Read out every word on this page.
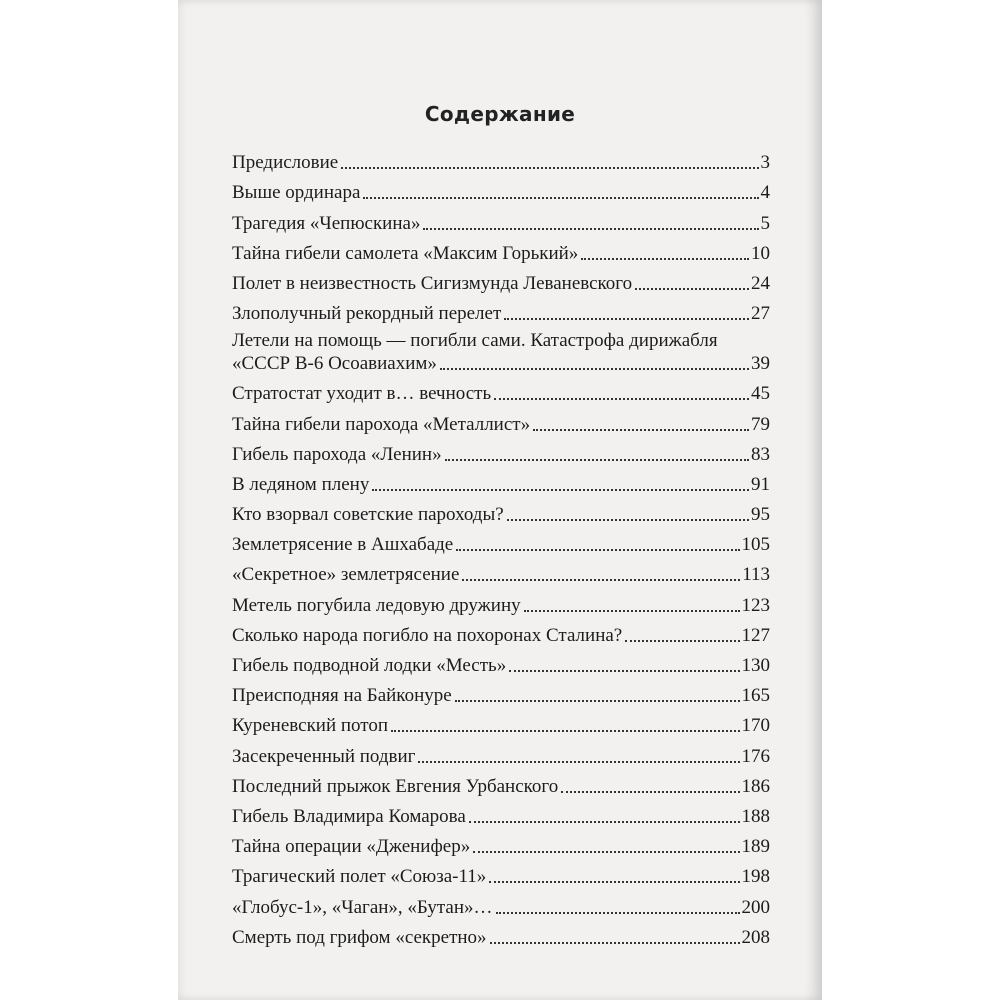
Содержание
Предисловие	3
Выше ординара	4
Трагедия «Чепюскина»	5
Тайна гибели самолета «Максим Горький»	10
Полет в неизвестность Сигизмунда Леваневского	24
Злополучный рекордный перелет	27
Летели на помощь — погибли сами. Катастрофа дирижабля
«СССР В-6 Осоавиахим»	39
Стратостат уходит в… вечность	45
Тайна гибели парохода «Металлист»	79
Гибель парохода «Ленин»	83
В ледяном плену	91
Кто взорвал советские пароходы?	95
Землетрясение в Ашхабаде	105
«Секретное» землетрясение	113
Метель погубила ледовую дружину	123
Сколько народа погибло на похоронах Сталина?	127
Гибель подводной лодки «Месть»	130
Преисподняя на Байконуре	165
Куреневский потоп	170
Засекреченный подвиг	176
Последний прыжок Евгения Урбанского	186
Гибель Владимира Комарова	188
Тайна операции «Дженифер»	189
Трагический полет «Союза-11»	198
«Глобус-1», «Чаган», «Бутан»…	200
Смерть под грифом «секретно»	208
